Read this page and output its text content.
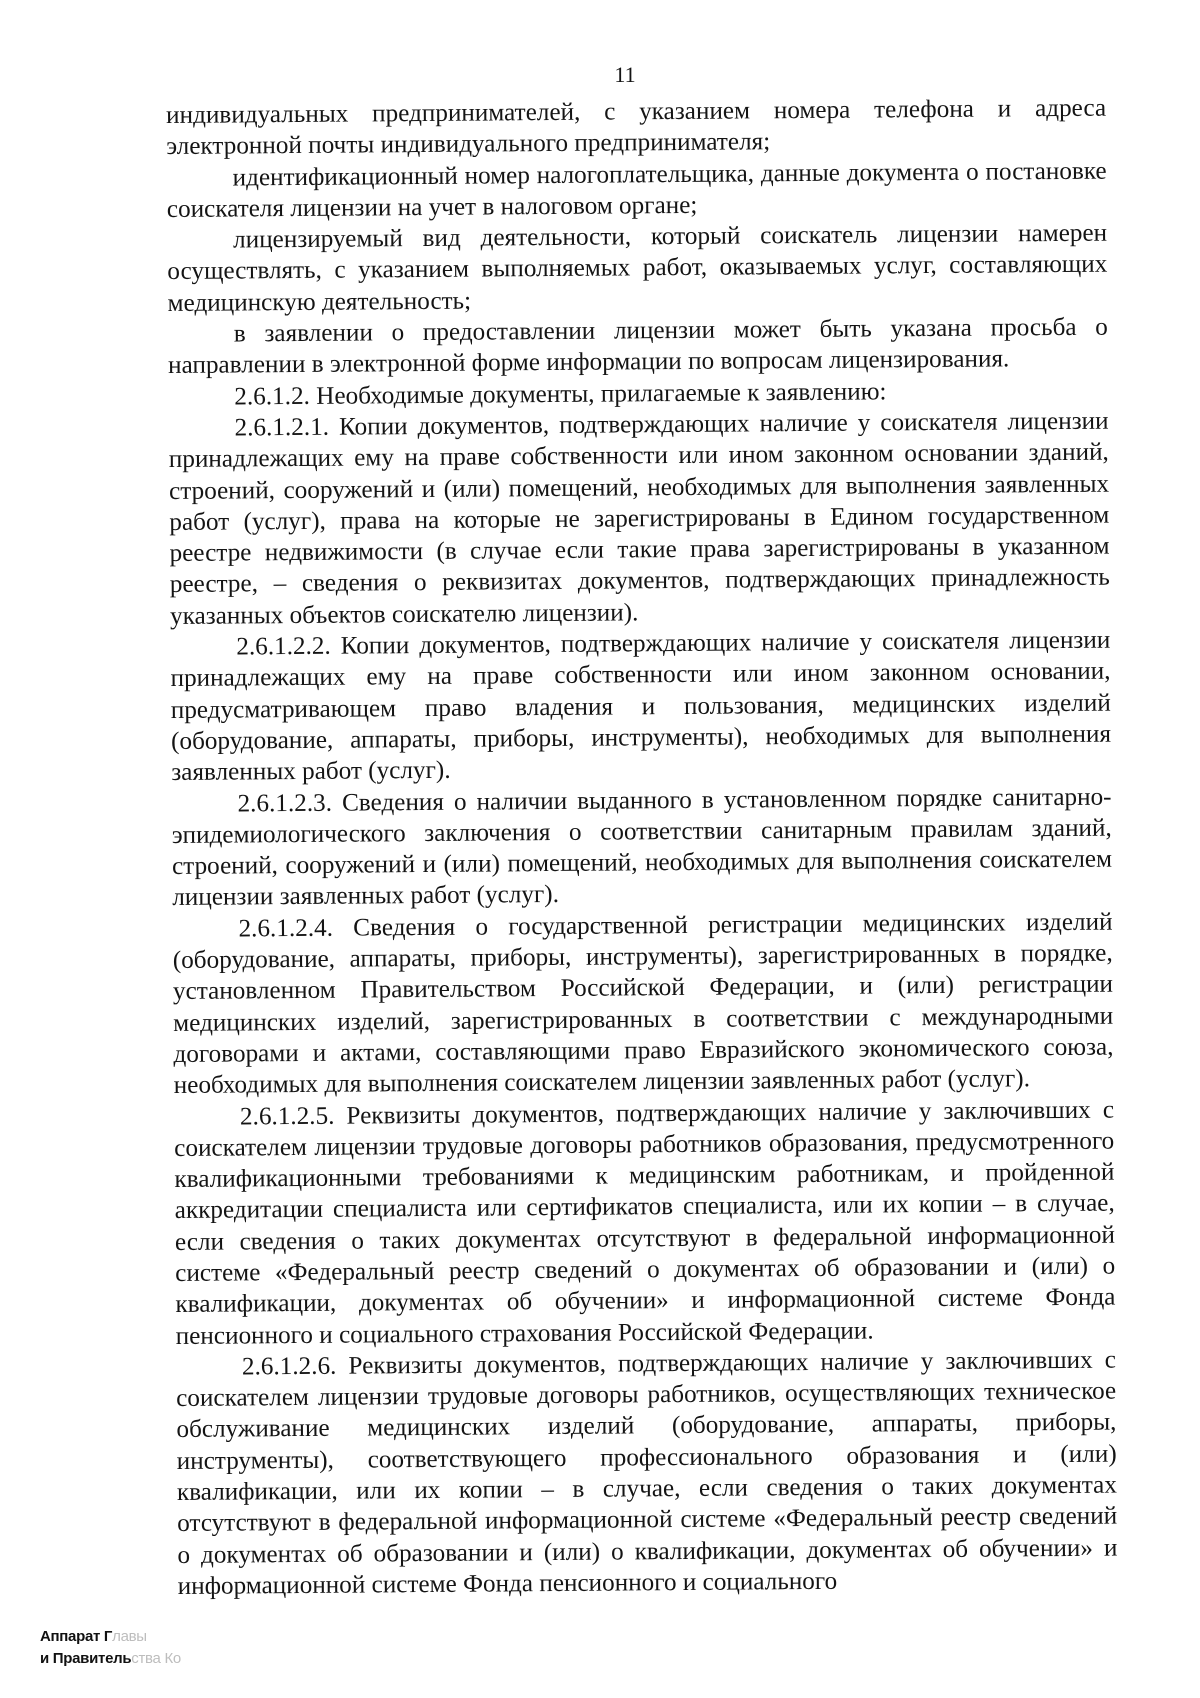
11

индивидуальных предпринимателей, с указанием номера телефона и адреса электронной почты индивидуального предпринимателя;

идентификационный номер налогоплательщика, данные документа о постановке соискателя лицензии на учет в налоговом органе;

лицензируемый вид деятельности, который соискатель лицензии намерен осуществлять, с указанием выполняемых работ, оказываемых услуг, составляющих медицинскую деятельность;

в заявлении о предоставлении лицензии может быть указана просьба о направлении в электронной форме информации по вопросам лицензирования.

2.6.1.2. Необходимые документы, прилагаемые к заявлению:

2.6.1.2.1. Копии документов, подтверждающих наличие у соискателя лицензии принадлежащих ему на праве собственности или ином законном основании зданий, строений, сооружений и (или) помещений, необходимых для выполнения заявленных работ (услуг), права на которые не зарегистрированы в Едином государственном реестре недвижимости (в случае если такие права зарегистрированы в указанном реестре, – сведения о реквизитах документов, подтверждающих принадлежность указанных объектов соискателю лицензии).

2.6.1.2.2. Копии документов, подтверждающих наличие у соискателя лицензии принадлежащих ему на праве собственности или ином законном основании, предусматривающем право владения и пользования, медицинских изделий (оборудование, аппараты, приборы, инструменты), необходимых для выполнения заявленных работ (услуг).

2.6.1.2.3. Сведения о наличии выданного в установленном порядке санитарно-эпидемиологического заключения о соответствии санитарным правилам зданий, строений, сооружений и (или) помещений, необходимых для выполнения соискателем лицензии заявленных работ (услуг).

2.6.1.2.4. Сведения о государственной регистрации медицинских изделий (оборудование, аппараты, приборы, инструменты), зарегистрированных в порядке, установленном Правительством Российской Федерации, и (или) регистрации медицинских изделий, зарегистрированных в соответствии с международными договорами и актами, составляющими право Евразийского экономического союза, необходимых для выполнения соискателем лицензии заявленных работ (услуг).

2.6.1.2.5. Реквизиты документов, подтверждающих наличие у заключивших с соискателем лицензии трудовые договоры работников образования, предусмотренного квалификационными требованиями к медицинским работникам, и пройденной аккредитации специалиста или сертификатов специалиста, или их копии – в случае, если сведения о таких документах отсутствуют в федеральной информационной системе «Федеральный реестр сведений о документах об образовании и (или) о квалификации, документах об обучении» и информационной системе Фонда пенсионного и социального страхования Российской Федерации.

2.6.1.2.6. Реквизиты документов, подтверждающих наличие у заключивших с соискателем лицензии трудовые договоры работников, осуществляющих техническое обслуживание медицинских изделий (оборудование, аппараты, приборы, инструменты), соответствующего профессионального образования и (или) квалификации, или их копии – в случае, если сведения о таких документах отсутствуют в федеральной информационной системе «Федеральный реестр сведений о документах об образовании и (или) о квалификации, документах об обучении» и информационной системе Фонда пенсионного и социального

Аппарат Главы
и Правительства Ко
